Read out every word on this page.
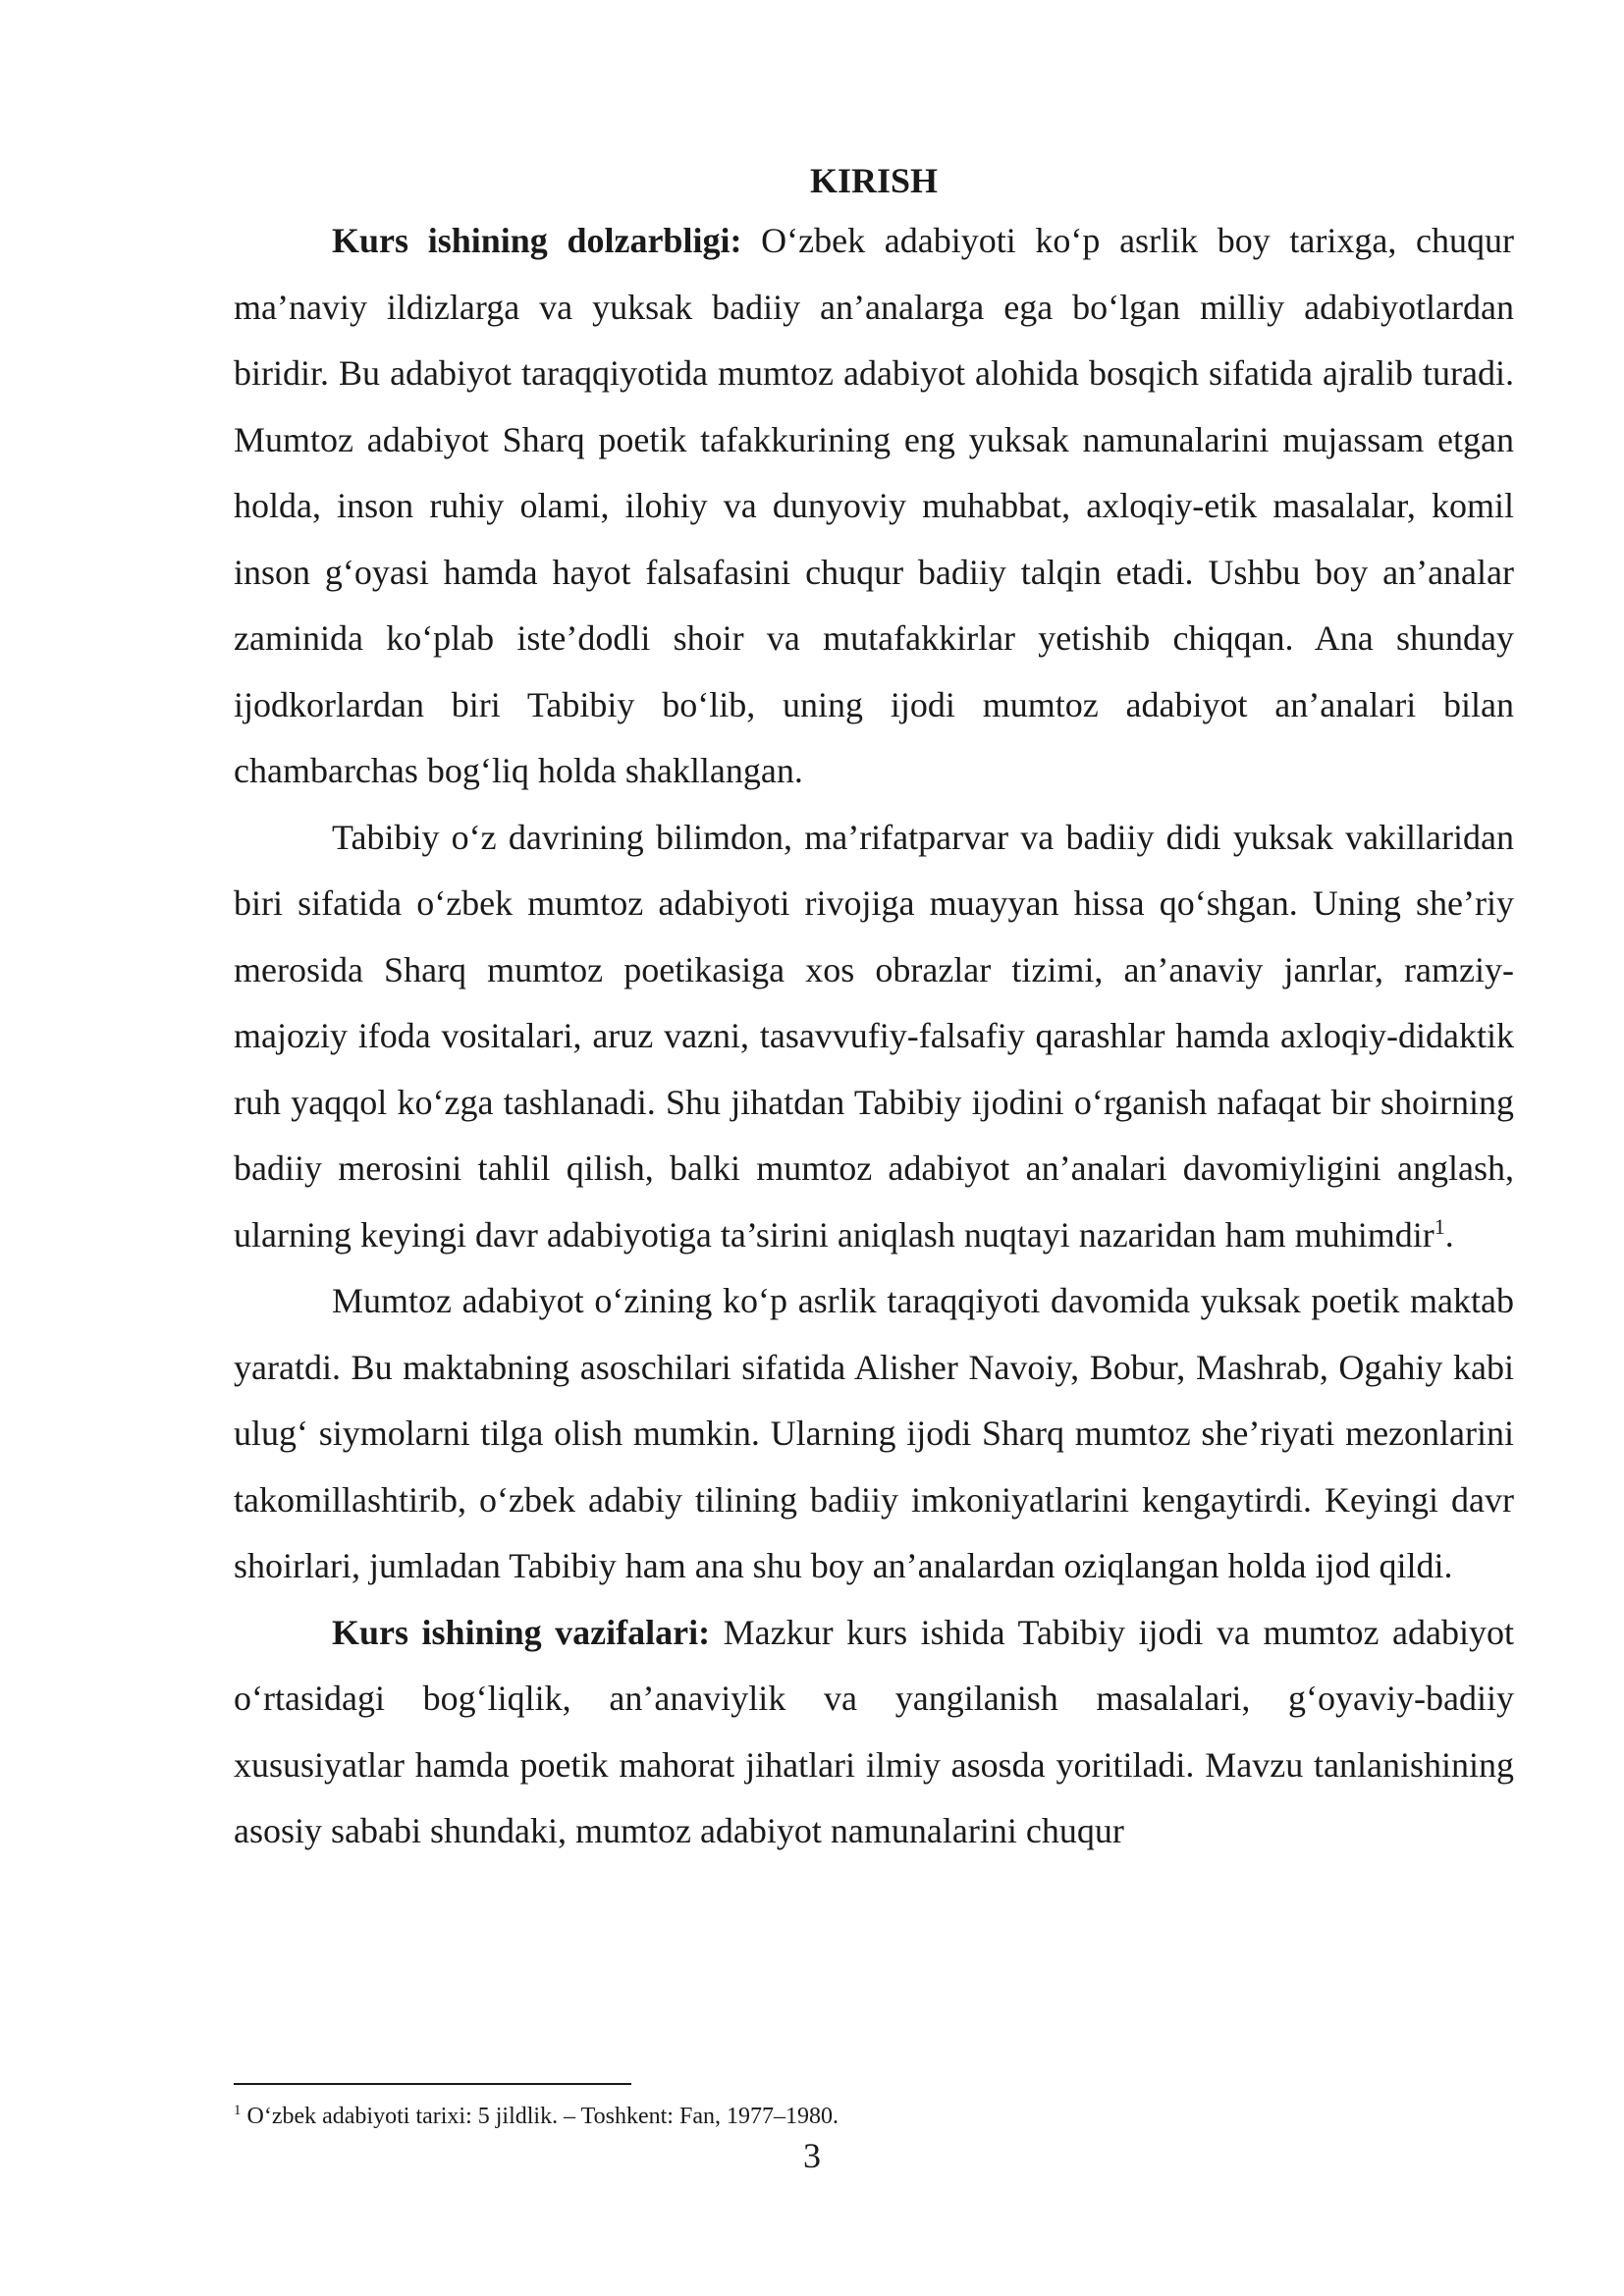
KIRISH

Kurs ishining dolzarbligi: O‘zbek adabiyoti ko‘p asrlik boy tarixga, chuqur ma’naviy ildizlarga va yuksak badiiy an’analarga ega bo‘lgan milliy adabiyotlardan biridir. Bu adabiyot taraqqiyotida mumtoz adabiyot alohida bosqich sifatida ajralib turadi. Mumtoz adabiyot Sharq poetik tafakkurining eng yuksak namunalarini mujassam etgan holda, inson ruhiy olami, ilohiy va dunyoviy muhabbat, axloqiy-etik masalalar, komil inson g‘oyasi hamda hayot falsafasini chuqur badiiy talqin etadi. Ushbu boy an’analar zaminida ko‘plab iste’dodli shoir va mutafakkirlar yetishib chiqqan. Ana shunday ijodkorlardan biri Tabibiy bo‘lib, uning ijodi mumtoz adabiyot an’analari bilan chambarchas bog‘liq holda shakllangan.

Tabibiy o‘z davrining bilimdon, ma’rifatparvar va badiiy didi yuksak vakillaridan biri sifatida o‘zbek mumtoz adabiyoti rivojiga muayyan hissa qo‘shgan. Uning she’riy merosida Sharq mumtoz poetikasiga xos obrazlar tizimi, an’anaviy janrlar, ramziy-majoziy ifoda vositalari, aruz vazni, tasavvufiy-falsafiy qarashlar hamda axloqiy-didaktik ruh yaqqol ko‘zga tashlanadi. Shu jihatdan Tabibiy ijodini o‘rganish nafaqat bir shoirning badiiy merosini tahlil qilish, balki mumtoz adabiyot an’analari davomiyligini anglash, ularning keyingi davr adabiyotiga ta’sirini aniqlash nuqtayi nazaridan ham muhimdir$^1$.

Mumtoz adabiyot o‘zining ko‘p asrlik taraqqiyoti davomida yuksak poetik maktab yaratdi. Bu maktabning asoschilari sifatida Alisher Navoiy, Bobur, Mashrab, Ogahiy kabi ulug‘ siymolarni tilga olish mumkin. Ularning ijodi Sharq mumtoz she’riyati mezonlarini takomillashtirib, o‘zbek adabiy tilining badiiy imkoniyatlarini kengaytirdi. Keyingi davr shoirlari, jumladan Tabibiy ham ana shu boy an’analardan oziqlangan holda ijod qildi.

Kurs ishining vazifalari: Mazkur kurs ishida Tabibiy ijodi va mumtoz adabiyot o‘rtasidagi bog‘liqlik, an’anaviylik va yangilanish masalalari, g‘oyaviy-badiiy xususiyatlar hamda poetik mahorat jihatlari ilmiy asosda yoritiladi. Mavzu tanlanishining asosiy sababi shundaki, mumtoz adabiyot namunalarini chuqur

$^1$ O‘zbek adabiyoti tarixi: 5 jildlik. – Toshkent: Fan, 1977–1980.
3
